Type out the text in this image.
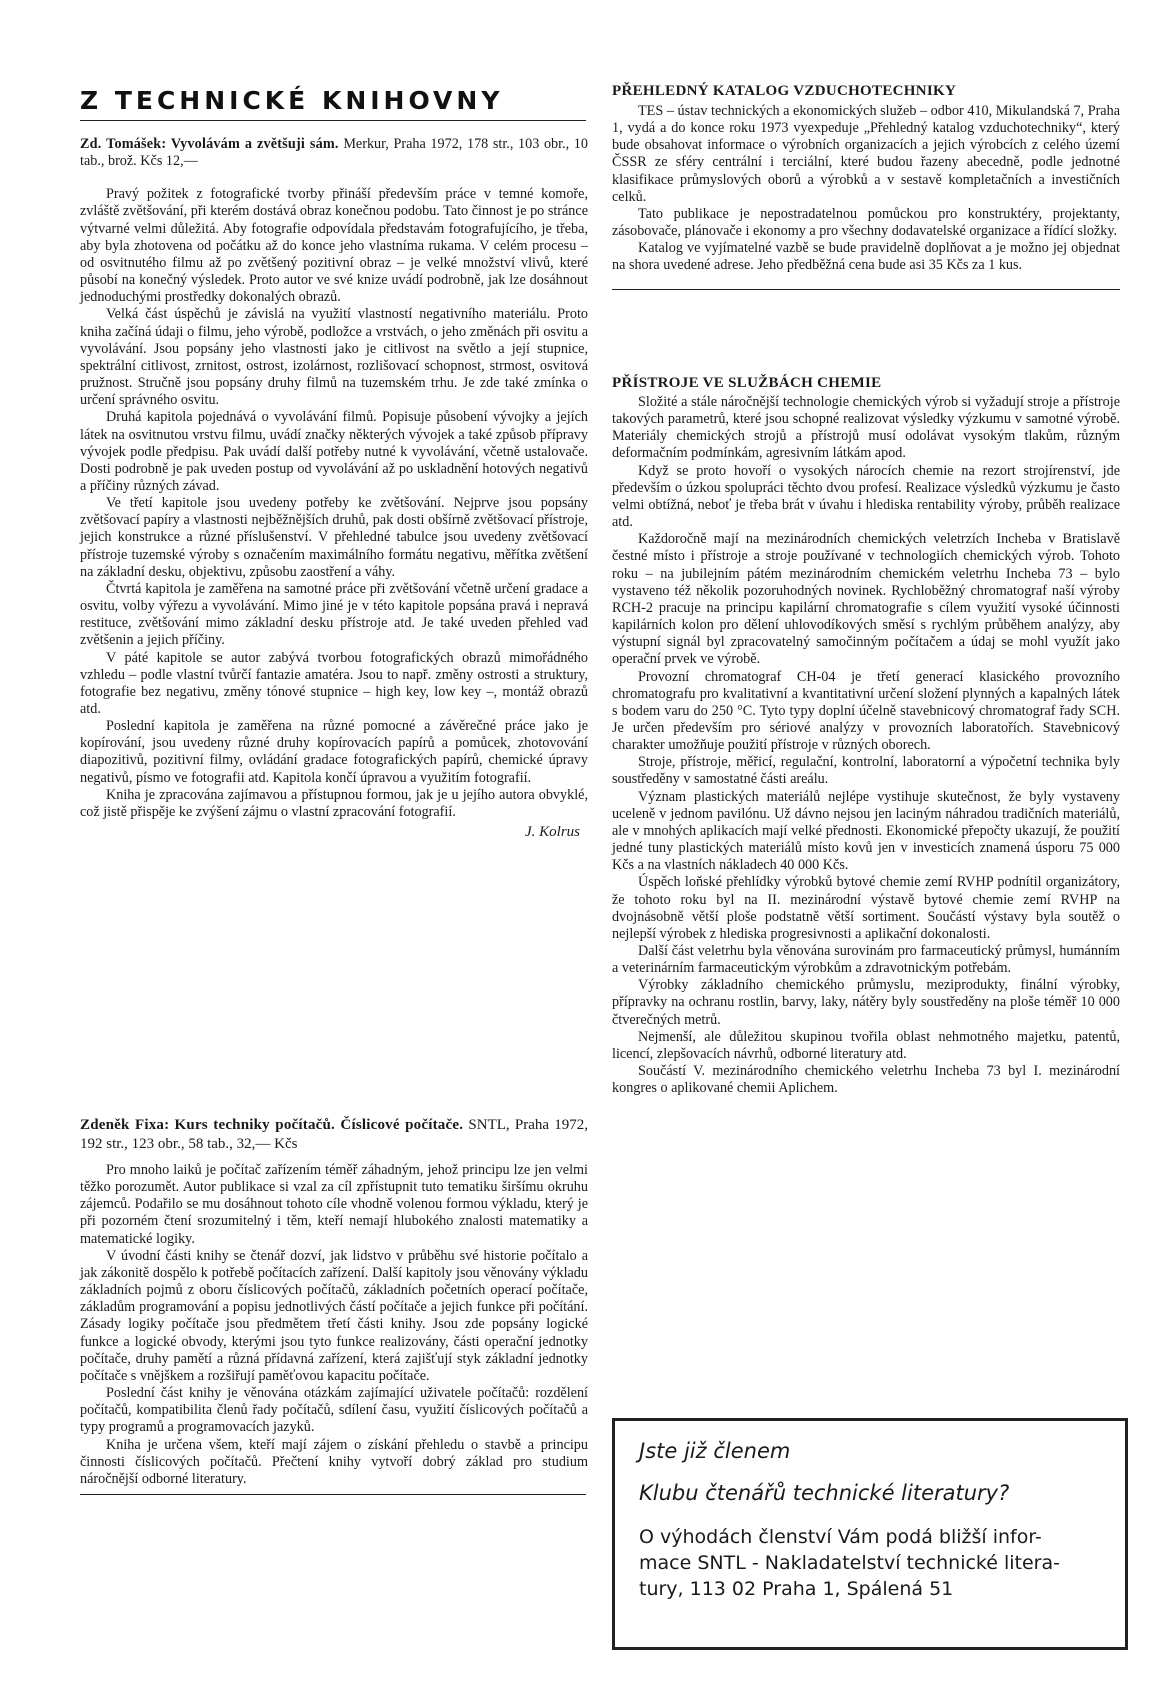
Z TECHNICKÉ KNIHOVNY

Zd. Tomášek: Vyvolávám a zvětšuji sám. Merkur, Praha 1972, 178 str., 103 obr., 10 tab., brož. Kčs 12,—

Pravý požitek z fotografické tvorby přináší především práce v temné komoře, zvláště zvětšování, při kterém dostává obraz konečnou podobu. Tato činnost je po stránce výtvarné velmi důležitá. Aby fotografie odpovídala představám fotografujícího, je třeba, aby byla zhotovena od počátku až do konce jeho vlastníma rukama. V celém procesu – od osvitnutého filmu až po zvětšený pozitivní obraz – je velké množství vlivů, které působí na konečný výsledek. Proto autor ve své knize uvádí podrobně, jak lze dosáhnout jednoduchými prostředky dokonalých obrazů.

Velká část úspěchů je závislá na využití vlastností negativního materiálu. Proto kniha začíná údaji o filmu, jeho výrobě, podložce a vrstvách, o jeho změnách při osvitu a vyvolávání. Jsou popsány jeho vlastnosti jako je citlivost na světlo a její stupnice, spektrální citlivost, zrnitost, ostrost, izolárnost, rozlišovací schopnost, strmost, osvitová pružnost. Stručně jsou popsány druhy filmů na tuzemském trhu. Je zde také zmínka o určení správného osvitu.

Druhá kapitola pojednává o vyvolávání filmů. Popisuje působení vývojky a jejích látek na osvitnutou vrstvu filmu, uvádí značky některých vývojek a také způsob přípravy vývojek podle předpisu. Pak uvádí další potřeby nutné k vyvolávání, včetně ustalovače. Dosti podrobně je pak uveden postup od vyvolávání až po uskladnění hotových negativů a příčiny různých závad.

Ve třetí kapitole jsou uvedeny potřeby ke zvětšování. Nejprve jsou popsány zvětšovací papíry a vlastnosti nejběžnějších druhů, pak dosti obšírně zvětšovací přístroje, jejich konstrukce a různé příslušenství. V přehledné tabulce jsou uvedeny zvětšovací přístroje tuzemské výroby s označením maximálního formátu negativu, měřítka zvětšení na základní desku, objektivu, způsobu zaostření a váhy.

Čtvrtá kapitola je zaměřena na samotné práce při zvětšování včetně určení gradace a osvitu, volby výřezu a vyvolávání. Mimo jiné je v této kapitole popsána pravá i nepravá restituce, zvětšování mimo základní desku přístroje atd. Je také uveden přehled vad zvětšenin a jejich příčiny.

V páté kapitole se autor zabývá tvorbou fotografických obrazů mimořádného vzhledu – podle vlastní tvůrčí fantazie amatéra. Jsou to např. změny ostrosti a struktury, fotografie bez negativu, změny tónové stupnice – high key, low key –, montáž obrazů atd.

Poslední kapitola je zaměřena na různé pomocné a závěrečné práce jako je kopírování, jsou uvedeny různé druhy kopírovacích papírů a pomůcek, zhotovování diapozitivů, pozitivní filmy, ovládání gradace fotografických papírů, chemické úpravy negativů, písmo ve fotografii atd. Kapitola končí úpravou a využitím fotografií.

Kniha je zpracována zajímavou a přístupnou formou, jak je u jejího autora obvyklé, což jistě přispěje ke zvýšení zájmu o vlastní zpracování fotografií.

J. Kolrus

Zdeněk Fixa: Kurs techniky počítačů. Číslicové počítače. SNTL, Praha 1972, 192 str., 123 obr., 58 tab., 32,— Kčs

Pro mnoho laiků je počítač zařízením téměř záhadným, jehož principu lze jen velmi těžko porozumět. Autor publikace si vzal za cíl zpřístupnit tuto tematiku širšímu okruhu zájemců. Podařilo se mu dosáhnout tohoto cíle vhodně volenou formou výkladu, který je při pozorném čtení srozumitelný i těm, kteří nemají hlubokého znalosti matematiky a matematické logiky.

V úvodní části knihy se čtenář dozví, jak lidstvo v průběhu své historie počítalo a jak zákonitě dospělo k potřebě počítacích zařízení. Další kapitoly jsou věnovány výkladu základních pojmů z oboru číslicových počítačů, základních početních operací počítače, základům programování a popisu jednotlivých částí počítače a jejich funkce při počítání. Zásady logiky počítače jsou předmětem třetí části knihy. Jsou zde popsány logické funkce a logické obvody, kterými jsou tyto funkce realizovány, části operační jednotky počítače, druhy pamětí a různá přídavná zařízení, která zajišťují styk základní jednotky počítače s vnějškem a rozšiřují paměťovou kapacitu počítače.

Poslední část knihy je věnována otázkám zajímající uživatele počítačů: rozdělení počítačů, kompatibilita členů řady počítačů, sdílení času, využití číslicových počítačů a typy programů a programovacích jazyků.

Kniha je určena všem, kteří mají zájem o získání přehledu o stavbě a principu činnosti číslicových počítačů. Přečtení knihy vytvoří dobrý základ pro studium náročnější odborné literatury.

PŘEHLEDNÝ KATALOG VZDUCHOTECHNIKY

TES – ústav technických a ekonomických služeb – odbor 410, Mikulandská 7, Praha 1, vydá a do konce roku 1973 vyexpeduje „Přehledný katalog vzduchotechniky“, který bude obsahovat informace o výrobních organizacích a jejich výrobcích z celého území ČSSR ze sféry centrální i terciální, které budou řazeny abecedně, podle jednotné klasifikace průmyslových oborů a výrobků a v sestavě kompletačních a investičních celků.

Tato publikace je nepostradatelnou pomůckou pro konstruktéry, projektanty, zásobovače, plánovače i ekonomy a pro všechny dodavatelské organizace a řídící složky.

Katalog ve vyjímatelné vazbě se bude pravidelně doplňovat a je možno jej objednat na shora uvedené adrese. Jeho předběžná cena bude asi 35 Kčs za 1 kus.

PŘÍSTROJE VE SLUŽBÁCH CHEMIE

Složité a stále náročnější technologie chemických výrob si vyžadují stroje a přístroje takových parametrů, které jsou schopné realizovat výsledky výzkumu v samotné výrobě. Materiály chemických strojů a přístrojů musí odolávat vysokým tlakům, různým deformačním podmínkám, agresivním látkám apod.

Když se proto hovoří o vysokých nárocích chemie na rezort strojírenství, jde především o úzkou spolupráci těchto dvou profesí. Realizace výsledků výzkumu je často velmi obtížná, neboť je třeba brát v úvahu i hlediska rentability výroby, průběh realizace atd.

Každoročně mají na mezinárodních chemických veletrzích Incheba v Bratislavě čestné místo i přístroje a stroje používané v technologiích chemických výrob. Tohoto roku – na jubilejním pátém mezinárodním chemickém veletrhu Incheba 73 – bylo vystaveno též několik pozoruhodných novinek. Rychloběžný chromatograf naší výroby RCH-2 pracuje na principu kapilární chromatografie s cílem využití vysoké účinnosti kapilárních kolon pro dělení uhlovodíkových směsí s rychlým průběhem analýzy, aby výstupní signál byl zpracovatelný samočinným počítačem a údaj se mohl využít jako operační prvek ve výrobě.

Provozní chromatograf CH-04 je třetí generací klasického provozního chromatografu pro kvalitativní a kvantitativní určení složení plynných a kapalných látek s bodem varu do 250 °C. Tyto typy doplní účelně stavebnicový chromatograf řady SCH. Je určen především pro sériové analýzy v provozních laboratořích. Stavebnicový charakter umožňuje použití přístroje v různých oborech.

Stroje, přístroje, měřicí, regulační, kontrolní, laboratorní a výpočetní technika byly soustředěny v samostatné části areálu.

Význam plastických materiálů nejlépe vystihuje skutečnost, že byly vystaveny uceleně v jednom pavilónu. Už dávno nejsou jen laciným náhradou tradičních materiálů, ale v mnohých aplikacích mají velké přednosti. Ekonomické přepočty ukazují, že použití jedné tuny plastických materiálů místo kovů jen v investicích znamená úsporu 75 000 Kčs a na vlastních nákladech 40 000 Kčs.

Úspěch loňské přehlídky výrobků bytové chemie zemí RVHP podnítil organizátory, že tohoto roku byl na II. mezinárodní výstavě bytové chemie zemí RVHP na dvojnásobně větší ploše podstatně větší sortiment. Součástí výstavy byla soutěž o nejlepší výrobek z hlediska progresivnosti a aplikační dokonalosti.

Další část veletrhu byla věnována surovinám pro farmaceutický průmysl, humánním a veterinárním farmaceutickým výrobkům a zdravotnickým potřebám.

Výrobky základního chemického průmyslu, meziprodukty, finální výrobky, přípravky na ochranu rostlin, barvy, laky, nátěry byly soustředěny na ploše téměř 10 000 čtverečných metrů.

Nejmenší, ale důležitou skupinou tvořila oblast nehmotného majetku, patentů, licencí, zlepšovacích návrhů, odborné literatury atd.

Součástí V. mezinárodního chemického veletrhu Incheba 73 byl I. mezinárodní kongres o aplikované chemii Aplichem.

Jste již členem
Klubu čtenářů technické literatury?
O výhodách členství Vám podá bližší infor-
mace SNTL - Nakladatelství technické litera-
tury, 113 02 Praha 1, Spálená 51
